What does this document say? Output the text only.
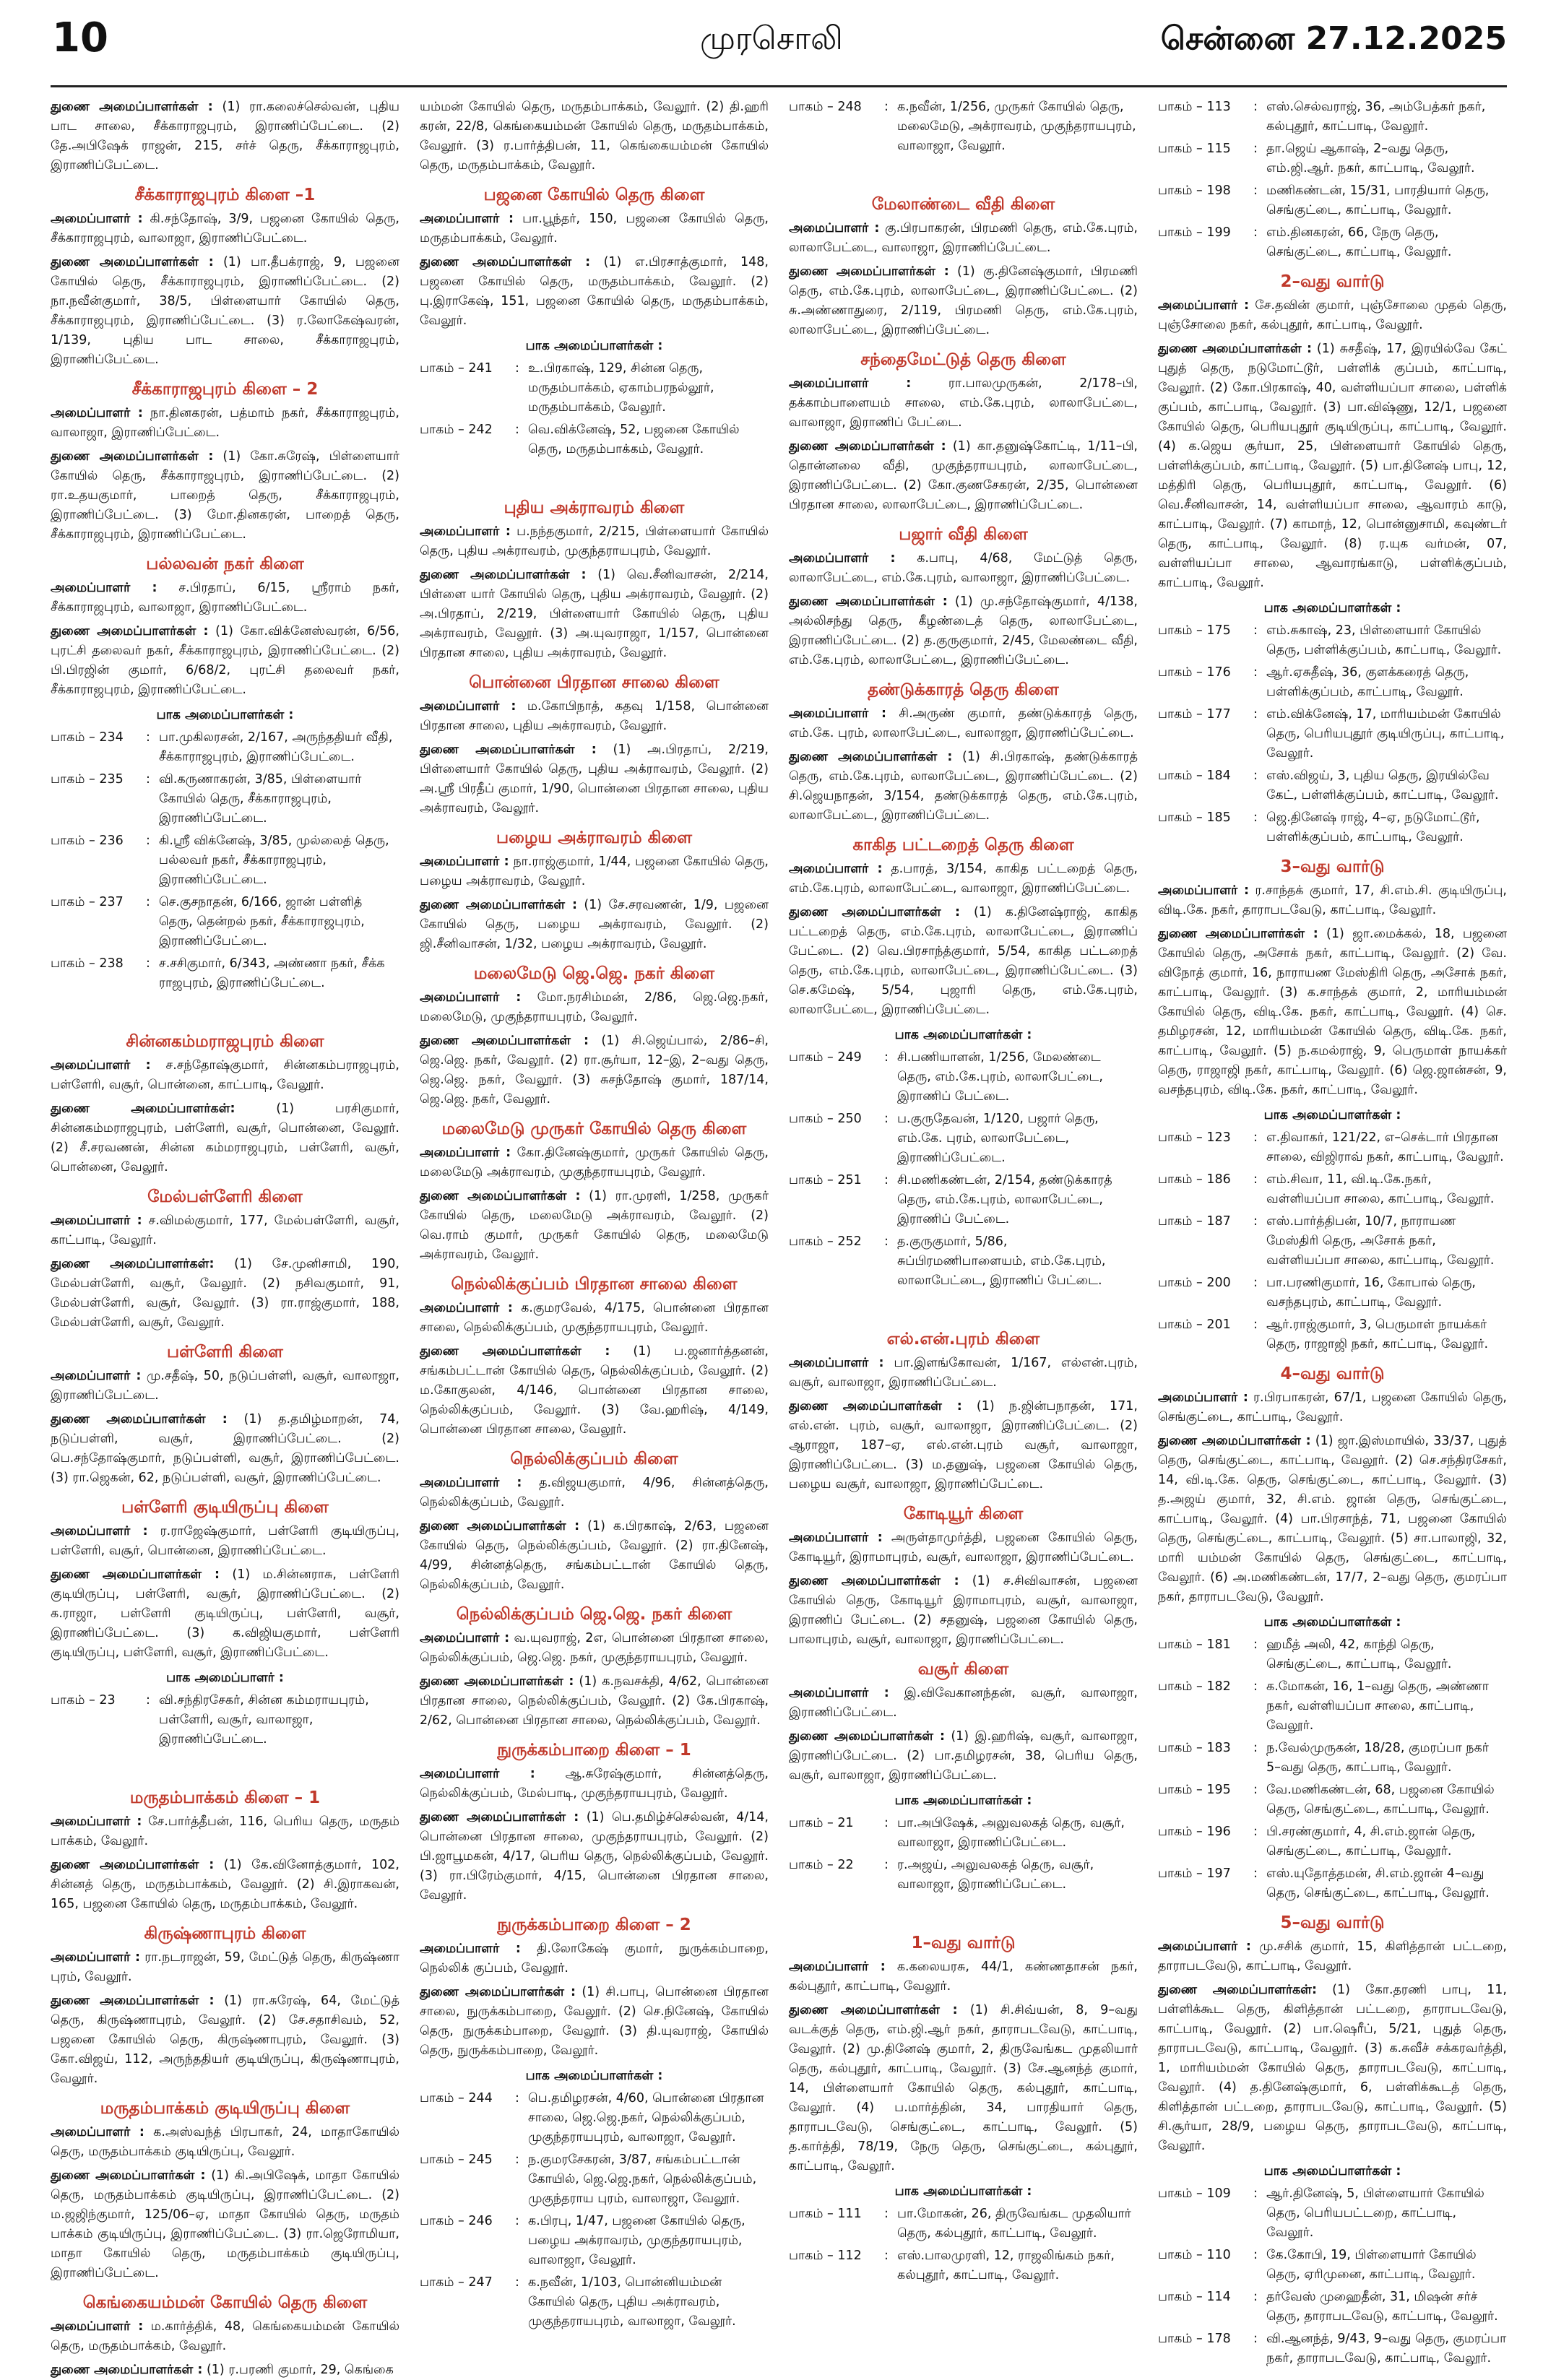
10	முரசொலி	சென்னை 27.12.2025

துணை அமைப்பாளர்கள் : (1) ரா.கலைச்செல்வன், புதிய பாட சாலை, சீக்காராஜபுரம், இராணிப்பேட்டை. (2) தே.அபிஷேக் ராஜன், 215, சர்ச் தெரு, சீக்காராஜபுரம், இராணிப்பேட்டை.

சீக்காராஜபுரம் கிளை –1

அமைப்பாளர் : கி.சந்தோஷ், 3/9, பஜனை கோயில் தெரு, சீக்காராஜபுரம், வாலாஜா, இராணிப்பேட்டை.

துணை அமைப்பாளர்கள் : (1) பா.தீபக்ராஜ், 9, பஜனை கோயில் தெரு, சீக்காராஜபுரம், இராணிப்பேட்டை. (2) நா.நவீன்குமார், 38/5, பிள்ளையார் கோயில் தெரு, சீக்காராஜபுரம், இராணிப்பேட்டை. (3) ர.லோகேஷ்வரன், 1/139, புதிய பாட சாலை, சீக்காராஜபுரம், இராணிப்பேட்டை.

சீக்காராஜபுரம் கிளை – 2

அமைப்பாளர் : நா.தினகரன், பத்மாம் நகர், சீக்காராஜபுரம், வாலாஜா, இராணிப்பேட்டை.

துணை அமைப்பாளர்கள் : (1) கோ.சுரேஷ், பிள்ளையார் கோயில் தெரு, சீக்காராஜபுரம், இராணிப்பேட்டை. (2) ரா.உதயகுமார், பாறைத் தெரு, சீக்காராஜபுரம், இராணிப்பேட்டை. (3) மோ.தினகரன், பாறைத் தெரு, சீக்காராஜபுரம், இராணிப்பேட்டை.

பல்லவன் நகர் கிளை

அமைப்பாளர் : ச.பிரதாப், 6/15, ஸ்ரீராம் நகர், சீக்காராஜபுரம், வாலாஜா, இராணிப்பேட்டை.

துணை அமைப்பாளர்கள் : (1) கோ.விக்னேஸ்வரன், 6/56, புரட்சி தலைவர் நகர், சீக்காராஜபுரம், இராணிப்பேட்டை. (2) பி.பிரஜின் குமார், 6/68/2, புரட்சி தலைவர் நகர், சீக்காராஜபுரம், இராணிப்பேட்டை.

பாக அமைப்பாளர்கள் :
பாகம் – 234	: பா.முகிலரசன், 2/167, அருந்ததியர் வீதி, சீக்காராஜபுரம், இராணிப்பேட்டை.
பாகம் – 235	: வி.கருணாகரன், 3/85, பிள்ளையார் கோயில் தெரு, சீக்காராஜபுரம், இராணிப்பேட்டை.
பாகம் – 236	: கி.ஸ்ரீ விக்னேஷ், 3/85, முல்லைத் தெரு, பல்லவர் நகர், சீக்காராஜபுரம், இராணிப்பேட்டை.
பாகம் – 237	: செ.குசநாதன், 6/166, ஜான் பள்ளித் தெரு, தென்றல் நகர், சீக்காராஜபுரம், இராணிப்பேட்டை.
பாகம் – 238	: ச.சசிகுமார், 6/343, அண்ணா நகர், சீக்க ராஜபுரம், இராணிப்பேட்டை.
சின்னகம்மராஜபுரம் கிளை

அமைப்பாளர் : ச.சந்தோஷ்குமார், சின்னகம்பராஜபுரம், பள்ளேரி, வசூர், பொன்னை, காட்பாடி, வேலூர்.

துணை அமைப்பாளர்கள்:	(1) பரசிகுமார், சின்னகம்மராஜபுரம், பள்ளேரி, வசூர், பொன்னை, வேலூர். (2) சீ.சரவணன், சின்ன கம்மராஜபுரம், பள்ளேரி, வசூர், பொன்னை, வேலூர்.

மேல்பள்ளேரி கிளை

அமைப்பாளர் : ச.விமல்குமார், 177, மேல்பள்ளேரி, வசூர், காட்பாடி, வேலூர்.

துணை அமைப்பாளர்கள்: (1) சே.முனிசாமி, 190, மேல்பள்ளேரி, வசூர், வேலூர். (2) நசிவகுமார், 91, மேல்பள்ளேரி, வசூர், வேலூர். (3) ரா.ராஜ்குமார், 188, மேல்பள்ளேரி, வசூர், வேலூர்.

பள்ளேரி கிளை

அமைப்பாளர் : மு.சதீஷ், 50, நடுப்பள்ளி, வசூர், வாலாஜா, இராணிப்பேட்டை.

துணை அமைப்பாளர்கள் : (1) த.தமிழ்மாறன், 74, நடுப்பள்ளி, வசூர், இராணிப்பேட்டை. (2) பெ.சந்தோஷ்குமார், நடுப்பள்ளி, வசூர், இராணிப்பேட்டை. (3) ரா.ஜெகன், 62, நடுப்பள்ளி, வசூர், இராணிப்பேட்டை.

பள்ளேரி குடியிருப்பு கிளை

அமைப்பாளர் : ர.ராஜேஷ்குமார், பள்ளேரி குடியிருப்பு, பள்ளேரி, வசூர், பொன்னை, இராணிப்பேட்டை.

துணை அமைப்பாளர்கள் : (1) ம.சின்னராசு, பள்ளேரி குடியிருப்பு, பள்ளேரி, வசூர், இராணிப்பேட்டை. (2) க.ராஜா, பள்ளேரி குடியிருப்பு, பள்ளேரி, வசூர், இராணிப்பேட்டை. (3) க.விஜியகுமார், பள்ளேரி குடியிருப்பு, பள்ளேரி, வசூர், இராணிப்பேட்டை.

பாக அமைப்பாளர் :
பாகம் – 23	: வி.சந்திரசேகர், சின்ன கம்மராயபுரம், பள்ளேரி, வசூர், வாலாஜா, இராணிப்பேட்டை.
மருதம்பாக்கம் கிளை – 1

அமைப்பாளர் : சே.பார்த்தீபன், 116, பெரிய தெரு, மருதம் பாக்கம், வேலூர்.

துணை அமைப்பாளர்கள் : (1) கே.வினோத்குமார், 102, சின்னத் தெரு, மருதம்பாக்கம், வேலூர். (2) சி.இராகவன், 165, பஜனை கோயில் தெரு, மருதம்பாக்கம், வேலூர்.

கிருஷ்ணாபுரம் கிளை

அமைப்பாளர் : ரா.நடராஜன், 59, மேட்டுத் தெரு, கிருஷ்ணா புரம், வேலூர்.

துணை அமைப்பாளர்கள் : (1) ரா.சுரேஷ், 64, மேட்டுத் தெரு, கிருஷ்ணாபுரம், வேலூர். (2) சே.சதாசிவம், 52, பஜனை கோயில் தெரு, கிருஷ்ணாபுரம், வேலூர். (3) கோ.விஜய், 112, அருந்ததியர் குடியிருப்பு, கிருஷ்ணாபுரம், வேலூர்.

மருதம்பாக்கம் குடியிருப்பு கிளை

அமைப்பாளர் : க.அஸ்வந்த் பிரபாகர், 24, மாதாகோயில் தெரு, மருதம்பாக்கம் குடியிருப்பு, வேலூர்.

துணை அமைப்பாளர்கள் : (1) கி.அபிஷேக், மாதா கோயில் தெரு, மருதம்பாக்கம் குடியிருப்பு, இராணிப்பேட்டை. (2) ம.ஜஜிந்குமார், 125/06–ஏ, மாதா கோயில் தெரு, மருதம் பாக்கம் குடியிருப்பு, இராணிப்பேட்டை. (3) ரா.ஜெரோமியா, மாதா கோயில் தெரு, மருதம்பாக்கம் குடியிருப்பு, இராணிப்பேட்டை.

கெங்கையம்மன் கோயில் தெரு கிளை

அமைப்பாளர் : ம.கார்த்திக், 48, கெங்கையம்மன் கோயில் தெரு, மருதம்பாக்கம், வேலூர்.

துணை அமைப்பாளர்கள் : (1) ர.பரணி குமார், 29, கெங்கை

யம்மன் கோயில் தெரு, மருதம்பாக்கம், வேலூர். (2) தி.ஹரி கரன், 22/8, கெங்கையம்மன் கோயில் தெரு, மருதம்பாக்கம், வேலூர். (3) ர.பார்த்திபன், 11, கெங்கையம்மன் கோயில் தெரு, மருதம்பாக்கம், வேலூர்.

பஜனை கோயில் தெரு கிளை

அமைப்பாளர் : பா.பூந்தர், 150, பஜனை கோயில் தெரு, மருதம்பாக்கம், வேலூர்.

துணை அமைப்பாளர்கள் : (1) எ.பிரசாத்குமார், 148, பஜனை கோயில் தெரு, மருதம்பாக்கம், வேலூர். (2) பு.இராகேஷ், 151, பஜனை கோயில் தெரு, மருதம்பாக்கம், வேலூர்.

பாக அமைப்பாளர்கள் :
பாகம் – 241	: உ.பிரகாஷ், 129, சின்ன தெரு, மருதம்பாக்கம், ஏகாம்பரநல்லூர், மருதம்பாக்கம், வேலூர்.
பாகம் – 242	: வெ.விக்னேஷ், 52, பஜனை கோயில் தெரு, மருதம்பாக்கம், வேலூர்.
புதிய அக்ராவரம் கிளை

அமைப்பாளர் : ப.நந்தகுமார், 2/215, பிள்ளையார் கோயில் தெரு, புதிய அக்ராவரம், முகுந்தராயபுரம், வேலூர்.

துணை அமைப்பாளர்கள் : (1) வெ.சீனிவாசன், 2/214, பிள்ளை யார் கோயில் தெரு, புதிய அக்ராவரம், வேலூர். (2) அ.பிரதாப், 2/219, பிள்ளையார் கோயில் தெரு, புதிய அக்ராவரம், வேலூர். (3) அ.யுவராஜா, 1/157, பொன்னை பிரதான சாலை, புதிய அக்ராவரம், வேலூர்.

பொன்னை பிரதான சாலை கிளை

அமைப்பாளர் : ம.கோபிநாத், கதவு 1/158, பொன்னை பிரதான சாலை, புதிய அக்ராவரம், வேலூர்.

துணை அமைப்பாளர்கள் : (1) அ.பிரதாப், 2/219, பிள்ளையார் கோயில் தெரு, புதிய அக்ராவரம், வேலூர். (2) அ.ஸ்ரீ பிரதீப் குமார், 1/90, பொன்னை பிரதான சாலை, புதிய அக்ராவரம், வேலூர்.

பழைய அக்ராவரம் கிளை

அமைப்பாளர் : நா.ராஜ்குமார், 1/44, பஜனை கோயில் தெரு, பழைய அக்ராவரம், வேலூர்.

துணை அமைப்பாளர்கள் : (1) சே.சரவணன், 1/9, பஜனை கோயில் தெரு, பழைய அக்ராவரம், வேலூர். (2) ஜி.சீனிவாசன், 1/32, பழைய அக்ராவரம், வேலூர்.

மலைமேடு ஜெ.ஜெ. நகர் கிளை

அமைப்பாளர் : மோ.நரசிம்மன், 2/86, ஜெ.ஜெ.நகர், மலைமேடு, முகுந்தராயபுரம், வேலூர்.

துணை அமைப்பாளர்கள் : (1) சி.ஜெய்பால், 2/86–சி, ஜெ.ஜெ. நகர், வேலூர். (2) ரா.சூர்யா, 12–இ, 2–வது தெரு, ஜெ.ஜெ. நகர், வேலூர். (3) சுசந்தோஷ் குமார், 187/14, ஜெ.ஜெ. நகர், வேலூர்.

மலைமேடு முருகர் கோயில் தெரு கிளை

அமைப்பாளர் : கோ.தினேஷ்குமார், முருகர் கோயில் தெரு, மலைமேடு அக்ராவரம், முகுந்தராயபுரம், வேலூர்.

துணை அமைப்பாளர்கள் : (1) ரா.முரளி, 1/258, முருகர் கோயில் தெரு, மலைமேடு அக்ராவரம், வேலூர். (2) வெ.ராம் குமார், முருகர் கோயில் தெரு, மலைமேடு அக்ராவரம், வேலூர்.

நெல்லிக்குப்பம் பிரதான சாலை கிளை

அமைப்பாளர் : க.குமரவேல், 4/175, பொன்னை பிரதான சாலை, நெல்லிக்குப்பம், முகுந்தராயபுரம், வேலூர்.

துணை அமைப்பாளர்கள் : (1) ப.ஜனார்த்தனன், சங்கம்பட்டான் கோயில் தெரு, நெல்லிக்குப்பம், வேலூர். (2) ம.கோகுலன், 4/146, பொன்னை பிரதான சாலை, நெல்லிக்குப்பம், வேலூர். (3) வே.ஹரிஷ், 4/149, பொன்னை பிரதான சாலை, வேலூர்.

நெல்லிக்குப்பம் கிளை

அமைப்பாளர் : த.விஜயகுமார், 4/96, சின்னத்தெரு, நெல்லிக்குப்பம், வேலூர்.

துணை அமைப்பாளர்கள் : (1) க.பிரகாஷ், 2/63, பஜனை கோயில் தெரு, நெல்லிக்குப்பம், வேலூர். (2) ரா.தினேஷ், 4/99, சின்னத்தெரு, சங்கம்பட்டான் கோயில் தெரு, நெல்லிக்குப்பம், வேலூர்.

நெல்லிக்குப்பம் ஜெ.ஜெ. நகர் கிளை

அமைப்பாளர் : வ.யுவராஜ், 2எ, பொன்னை பிரதான சாலை, நெல்லிக்குப்பம், ஜெ.ஜெ. நகர், முகுந்தராயபுரம், வேலூர்.

துணை அமைப்பாளர்கள் : (1) க.நவசக்தி, 4/62, பொன்னை பிரதான சாலை, நெல்லிக்குப்பம், வேலூர். (2) கே.பிரகாஷ், 2/62, பொன்னை பிரதான சாலை, நெல்லிக்குப்பம், வேலூர்.

நுருக்கம்பாறை கிளை – 1

அமைப்பாளர் : ஆ.சுரேஷ்குமார், சின்னத்தெரு, நெல்லிக்குப்பம், மேல்பாடி, முகுந்தராயபுரம், வேலூர்.

துணை அமைப்பாளர்கள் : (1) பெ.தமிழ்ச்செல்வன், 4/14, பொன்னை பிரதான சாலை, முகுந்தராயபுரம், வேலூர். (2) பி.ஜாபூமகன், 4/17, பெரிய தெரு, நெல்லிக்குப்பம், வேலூர். (3) ரா.பிரேம்குமார், 4/15, பொன்னை பிரதான சாலை, வேலூர்.

நுருக்கம்பாறை கிளை – 2

அமைப்பாளர் : தி.லோகேஷ் குமார், நுருக்கம்பாறை, நெல்லிக் குப்பம், வேலூர்.

துணை அமைப்பாளர்கள் : (1) சி.பாபு, பொன்னை பிரதான சாலை, நுருக்கம்பாறை, வேலூர். (2) செ.நினேஷ், கோயில் தெரு, நுருக்கம்பாறை, வேலூர். (3) தி.யுவராஜ், கோயில் தெரு, நுருக்கம்பாறை, வேலூர்.

பாக அமைப்பாளர்கள் :
பாகம் – 244	: பெ.தமிழரசன், 4/60, பொன்னை பிரதான சாலை, ஜெ.ஜெ.நகர், நெல்லிக்குப்பம், முகுந்தராயபுரம், வாலாஜா, வேலூர்.
பாகம் – 245	: ந.குமரசேகரன், 3/87, சங்கம்பட்டான் கோயில், ஜெ.ஜெ.நகர், நெல்லிக்குப்பம், முகுந்தராய புரம், வாலாஜா, வேலூர்.
பாகம் – 246	: க.பிரபு, 1/47, பஜனை கோயில் தெரு, பழைய அக்ராவரம், முகுந்தராயபுரம், வாலாஜா, வேலூர்.
பாகம் – 247	: க.நவீன், 1/103, பொன்னியம்மன் கோயில் தெரு, புதிய அக்ராவரம், முகுந்தராயபுரம், வாலாஜா, வேலூர்.
பாகம் – 248	: க.நவீன், 1/256, முருகர் கோயில் தெரு, மலைமேடு, அக்ராவரம், முகுந்தராயபுரம், வாலாஜா, வேலூர்.
மேலாண்டை வீதி கிளை

அமைப்பாளர் : கு.பிரபாகரன், பிரமணி தெரு, எம்.கே.புரம், லாலாபேட்டை, வாலாஜா, இராணிப்பேட்டை.

துணை அமைப்பாளர்கள் : (1) கு.தினேஷ்குமார், பிரமணி தெரு, எம்.கே.புரம், லாலாபேட்டை, இராணிப்பேட்டை. (2) சு.அண்ணாதுரை, 2/119, பிரமணி தெரு, எம்.கே.புரம், லாலாபேட்டை, இராணிப்பேட்டை.

சந்தைமேட்டுத் தெரு கிளை

அமைப்பாளர் :	ரா.பாலமுருகன், 2/178–பி, தக்காம்பாளையம் சாலை, எம்.கே.புரம், லாலாபேட்டை, வாலாஜா, இராணிப் பேட்டை.

துணை அமைப்பாளர்கள் : (1) கா.தனுஷ்கோட்டி, 1/11–பி, தொன்னலை வீதி, முகுந்தராயபுரம், லாலாபேட்டை, இராணிப்பேட்டை. (2) கோ.குணசேகரன், 2/35, பொன்னை பிரதான சாலை, லாலாபேட்டை, இராணிப்பேட்டை.

பஜார் வீதி கிளை

அமைப்பாளர் : க.பாபு, 4/68, மேட்டுத் தெரு, லாலாபேட்டை, எம்.கே.புரம், வாலாஜா, இராணிப்பேட்டை.

துணை அமைப்பாளர்கள் : (1) மு.சந்தோஷ்குமார், 4/138, அல்லிசந்து தெரு, கீழண்டைத் தெரு, லாலாபேட்டை, இராணிப்பேட்டை. (2) த.குருகுமார், 2/45, மேலண்டை வீதி, எம்.கே.புரம், லாலாபேட்டை, இராணிப்பேட்டை.

தண்டுக்காரத் தெரு கிளை

அமைப்பாளர் : சி.அருண் குமார், தண்டுக்காரத் தெரு, எம்.கே. புரம், லாலாபேட்டை, வாலாஜா, இராணிப்பேட்டை.

துணை அமைப்பாளர்கள் : (1) சி.பிரகாஷ், தண்டுக்காரத் தெரு, எம்.கே.புரம், லாலாபேட்டை, இராணிப்பேட்டை. (2) சி.ஜெயநாதன், 3/154, தண்டுக்காரத் தெரு, எம்.கே.புரம், லாலாபேட்டை, இராணிப்பேட்டை.

காகித பட்டறைத் தெரு கிளை

அமைப்பாளர் : த.பாரத், 3/154, காகித பட்டறைத் தெரு, எம்.கே.புரம், லாலாபேட்டை, வாலாஜா, இராணிப்பேட்டை.

துணை அமைப்பாளர்கள் : (1) க.தினேஷ்ராஜ், காகித பட்டறைத் தெரு, எம்.கே.புரம், லாலாபேட்டை, இராணிப் பேட்டை. (2) வெ.பிரசாந்த்குமார், 5/54, காகித பட்டறைத் தெரு, எம்.கே.புரம், லாலாபேட்டை, இராணிப்பேட்டை. (3) செ.கமேஷ், 5/54, புஜாரி தெரு, எம்.கே.புரம், லாலாபேட்டை, இராணிப்பேட்டை.

பாக அமைப்பாளர்கள் :
பாகம் – 249	: சி.பணியாளன், 1/256, மேலண்டை தெரு, எம்.கே.புரம், லாலாபேட்டை, இராணிப் பேட்டை.
பாகம் – 250	: ப.குருதேவன், 1/120, பஜார் தெரு, எம்.கே. புரம், லாலாபேட்டை, இராணிப்பேட்டை.
பாகம் – 251	: சி.மணிகண்டன், 2/154, தண்டுக்காரத் தெரு, எம்.கே.புரம், லாலாபேட்டை, இராணிப் பேட்டை.
பாகம் – 252	: த.குருகுமார், 5/86, சுப்பிரமணிபாளையம், எம்.கே.புரம், லாலாபேட்டை, இராணிப் பேட்டை.
எல்.என்.புரம் கிளை

அமைப்பாளர் : பா.இளங்கோவன், 1/167, எல்என்.புரம், வசூர், வாலாஜா, இராணிப்பேட்டை.

துணை அமைப்பாளர்கள் : (1) ந.ஜின்பநாதன், 171, எல்.என். புரம், வசூர், வாலாஜா, இராணிப்பேட்டை. (2) ஆராஜா, 187–ஏ, எல்.என்.புரம் வசூர், வாலாஜா, இராணிப்பேட்டை. (3) ம.தனுஷ், பஜனை கோயில் தெரு, பழைய வசூர், வாலாஜா, இராணிப்பேட்டை.

கோடியூர் கிளை

அமைப்பாளர் : அருள்தாமுர்த்தி, பஜனை கோயில் தெரு, கோடியூர், இராமாபுரம், வசூர், வாலாஜா, இராணிப்பேட்டை.

துணை அமைப்பாளர்கள் : (1) ச.சிவிவாசன், பஜனை கோயில் தெரு, கோடியூர் இராமாபுரம், வசூர், வாலாஜா, இராணிப் பேட்டை. (2) சதனுஷ், பஜனை கோயில் தெரு, பாலாபுரம், வசூர், வாலாஜா, இராணிப்பேட்டை.

வசூர் கிளை

அமைப்பாளர் : இ.விவேகானந்தன், வசூர், வாலாஜா, இராணிப்பேட்டை.

துணை அமைப்பாளர்கள் : (1) இ.ஹரிஷ், வசூர், வாலாஜா, இராணிப்பேட்டை. (2) பா.தமிழரசன், 38, பெரிய தெரு, வசூர், வாலாஜா, இராணிப்பேட்டை.

பாக அமைப்பாளர்கள் :
பாகம் – 21	: பா.அபிஷேக், அலுவலகத் தெரு, வசூர், வாலாஜா, இராணிப்பேட்டை.
பாகம் – 22	: ர.அஜய், அலுவலகத் தெரு, வசூர், வாலாஜா, இராணிப்பேட்டை.
1–வது வார்டு

அமைப்பாளர் : க.கலையரசு, 44/1, கண்ணதாசன் நகர், கல்புதூர், காட்பாடி, வேலூர்.

துணை அமைப்பாளர்கள் : (1) சி.சிவ்யன், 8, 9–வது வடக்குத் தெரு, எம்.ஜி.ஆர் நகர், தாராபடவேடு, காட்பாடி, வேலூர். (2) மு.தினேஷ் குமார், 2, திருவேங்கட முதலியார் தெரு, கல்புதூர், காட்பாடி, வேலூர். (3) சே.ஆனந்த் குமார், 14, பிள்ளையார் கோயில் தெரு, கல்புதூர், காட்பாடி, வேலூர். (4) ப.மார்த்தின், 34, பாரதியார் தெரு, தாராபடவேடு, செங்குட்டை, காட்பாடி, வேலூர். (5) த.கார்த்தி, 78/19, நேரு தெரு, செங்குட்டை, கல்புதூர், காட்பாடி, வேலூர்.

பாக அமைப்பாளர்கள் :
பாகம் – 111	: பா.மோகன், 26, திருவேங்கட முதலியார் தெரு, கல்புதூர், காட்பாடி, வேலூர்.
பாகம் – 112	: எஸ்.பாலமுரளி, 12, ராஜலிங்கம் நகர், கல்புதூர், காட்பாடி, வேலூர்.
பாகம் – 113	: எஸ்.செல்வராஜ், 36, அம்பேத்கர் நகர், கல்புதூர், காட்பாடி, வேலூர்.
பாகம் – 115	: தா.ஜெய் ஆகாஷ், 2–வது தெரு, எம்.ஜி.ஆர். நகர், காட்பாடி, வேலூர்.
பாகம் – 198	: மணிகண்டன், 15/31, பாரதியார் தெரு, செங்குட்டை, காட்பாடி, வேலூர்.
பாகம் – 199	: எம்.தினகரன், 66, நேரு தெரு, செங்குட்டை, காட்பாடி, வேலூர்.
2–வது வார்டு

அமைப்பாளர் : சே.தவின் குமார், புஞ்சோலை முதல் தெரு, புஞ்சோலை நகர், கல்புதூர், காட்பாடி, வேலூர்.

துணை அமைப்பாளர்கள் : (1) சுசதீஷ், 17, இரயில்வே கேட் புதுத் தெரு, நடுமோட்டூர், பள்ளிக் குப்பம், காட்பாடி, வேலூர். (2) கோ.பிரகாஷ், 40, வள்ளியப்பா சாலை, பள்ளிக் குப்பம், காட்பாடி, வேலூர். (3) பா.விஷ்ணு, 12/1, பஜனை கோயில் தெரு, பெரியபுதூர் குடியிருப்பு, காட்பாடி, வேலூர். (4) க.ஜெய சூர்யா, 25, பிள்ளையார் கோயில் தெரு, பள்ளிக்குப்பம், காட்பாடி, வேலூர். (5) பா.தினேஷ் பாபு, 12, மத்திரி தெரு, பெரியபுதூர், காட்பாடி, வேலூர். (6) வெ.சீனிவாசன், 14, வள்ளியப்பா சாலை, ஆவாரம் காடு, காட்பாடி, வேலூர். (7) காமாந், 12, பொன்னுசாமி, கவுண்டர் தெரு, காட்பாடி, வேலூர். (8) ர.யுக வர்மன், 07, வள்ளியப்பா சாலை, ஆவாரங்காடு, பள்ளிக்குப்பம், காட்பாடி, வேலூர்.

பாக அமைப்பாளர்கள் :
பாகம் – 175	: எம்.சுகாஷ், 23, பிள்ளையார் கோயில் தெரு, பள்ளிக்குப்பம், காட்பாடி, வேலூர்.
பாகம் – 176	: ஆர்.ஏசுதீஷ், 36, குளக்கரைத் தெரு, பள்ளிக்குப்பம், காட்பாடி, வேலூர்.
பாகம் – 177	: எம்.விக்னேஷ், 17, மாரியம்மன் கோயில் தெரு, பெரியபுதூர் குடியிருப்பு, காட்பாடி, வேலூர்.
பாகம் – 184	: எஸ்.விஜய், 3, புதிய தெரு, இரயில்வே கேட், பள்ளிக்குப்பம், காட்பாடி, வேலூர்.
பாகம் – 185	: ஜெ.தினேஷ் ராஜ், 4–ஏ, நடுமோட்டூர், பள்ளிக்குப்பம், காட்பாடி, வேலூர்.
3–வது வார்டு

அமைப்பாளர் : ர.சாந்தக் குமார், 17, சி.எம்.சி. குடியிருப்பு, விடி.கே. நகர், தாராபடவேடு, காட்பாடி, வேலூர்.

துணை அமைப்பாளர்கள் : (1) ஜா.மைக்கல், 18, பஜனை கோயில் தெரு, அசோக் நகர், காட்பாடி, வேலூர். (2) வே. விநோத் குமார், 16, நாராயண மேஸ்திரி தெரு, அசோக் நகர், காட்பாடி, வேலூர். (3) க.சாந்தக் குமார், 2, மாரியம்மன் கோயில் தெரு, விடி.கே. நகர், காட்பாடி, வேலூர். (4) செ. தமிழரசன், 12, மாரியம்மன் கோயில் தெரு, விடி.கே. நகர், காட்பாடி, வேலூர். (5) ந.கமல்ராஜ், 9, பெருமாள் நாயக்கர் தெரு, ராஜாஜி நகர், காட்பாடி, வேலூர். (6) ஜெ.ஜான்சன், 9, வசந்தபுரம், விடி.கே. நகர், காட்பாடி, வேலூர்.

பாக அமைப்பாளர்கள் :
பாகம் – 123	: எ.திவாகர், 121/22, எ–செக்டார் பிரதான சாலை, விஜிராவ் நகர், காட்பாடி, வேலூர்.
பாகம் – 186	: எம்.சிவா, 11, வி.டி.கே.நகர், வள்ளியப்பா சாலை, காட்பாடி, வேலூர்.
பாகம் – 187	: எஸ்.பார்த்திபன், 10/7, நாராயண மேஸ்திரி தெரு, அசோக் நகர், வள்ளியப்பா சாலை, காட்பாடி, வேலூர்.
பாகம் – 200	: பா.பரணிகுமார், 16, கோபால் தெரு, வசந்தபுரம், காட்பாடி, வேலூர்.
பாகம் – 201	: ஆர்.ராஜ்குமார், 3, பெருமாள் நாயக்கர் தெரு, ராஜாஜி நகர், காட்பாடி, வேலூர்.
4–வது வார்டு

அமைப்பாளர் : ர.பிரபாகரன், 67/1, பஜனை கோயில் தெரு, செங்குட்டை, காட்பாடி, வேலூர்.

துணை அமைப்பாளர்கள் : (1) ஜா.இஸ்மாயில், 33/37, புதுத் தெரு, செங்குட்டை, காட்பாடி, வேலூர். (2) செ.சந்திரசேகர், 14, வி.டி.கே. தெரு, செங்குட்டை, காட்பாடி, வேலூர். (3) த.அஜய் குமார், 32, சி.எம். ஜான் தெரு, செங்குட்டை, காட்பாடி, வேலூர். (4) பா.பிரசாந்த், 71, பஜனை கோயில் தெரு, செங்குட்டை, காட்பாடி, வேலூர். (5) சா.பாலாஜி, 32, மாரி யம்மன் கோயில் தெரு, செங்குட்டை, காட்பாடி, வேலூர். (6) அ.மணிகண்டன், 17/7, 2–வது தெரு, குமரப்பா நகர், தாராபடவேடு, வேலூர்.

பாக அமைப்பாளர்கள் :
பாகம் – 181	: ஹமீத் அலி, 42, காந்தி தெரு, செங்குட்டை, காட்பாடி, வேலூர்.
பாகம் – 182	: க.மோகன், 16, 1–வது தெரு, அண்ணா நகர், வள்ளியப்பா சாலை, காட்பாடி, வேலூர்.
பாகம் – 183	: ந.வேல்முருகன், 18/28, குமரப்பா நகர் 5–வது தெரு, காட்பாடி, வேலூர்.
பாகம் – 195	: வே.மணிகண்டன், 68, பஜனை கோயில் தெரு, செங்குட்டை, காட்பாடி, வேலூர்.
பாகம் – 196	: பி.சரண்குமார், 4, சி.எம்.ஜான் தெரு, செங்குட்டை, காட்பாடி, வேலூர்.
பாகம் – 197	: எஸ்.யுதோத்தமன், சி.எம்.ஜான் 4–வது தெரு, செங்குட்டை, காட்பாடி, வேலூர்.
5–வது வார்டு

அமைப்பாளர் : மு.சசிக் குமார், 15, கிளித்தான் பட்டறை, தாராபடவேடு, காட்பாடி, வேலூர்.

துணை அமைப்பாளர்கள்: (1) கோ.தரணி பாபு, 11, பள்ளிக்கூட தெரு, கிளித்தான் பட்டறை, தாராபடவேடு, காட்பாடி, வேலூர். (2) பா.ஷெரீப், 5/21, புதுத் தெரு, தாராபடவேடு, காட்பாடி, வேலூர். (3) க.சுவீச் சக்கரவர்த்தி, 1, மாரியம்மன் கோயில் தெரு, தாராபடவேடு, காட்பாடி, வேலூர். (4) த.தினேஷ்குமார், 6, பள்ளிக்கூடத் தெரு, கிளித்தான் பட்டறை, தாராபடவேடு, காட்பாடி, வேலூர். (5) சி.சூர்யா, 28/9, பழைய தெரு, தாராபடவேடு, காட்பாடி, வேலூர்.

பாக அமைப்பாளர்கள் :
பாகம் – 109	: ஆர்.தினேஷ், 5, பிள்ளையார் கோயில் தெரு, பெரியபட்டறை, காட்பாடி, வேலூர்.
பாகம் – 110	: கே.கோபி, 19, பிள்ளையார் கோயில் தெரு, ஏரிமுனை, காட்பாடி, வேலூர்.
பாகம் – 114	: தர்வேஸ் முஹைதீன், 31, மிஷன் சர்ச் தெரு, தாராபடவேடு, காட்பாடி, வேலூர்.
பாகம் – 178	: வி.ஆனந்த், 9/43, 9–வது தெரு, குமரப்பா நகர், தாராபடவேடு, காட்பாடி, வேலூர்.
